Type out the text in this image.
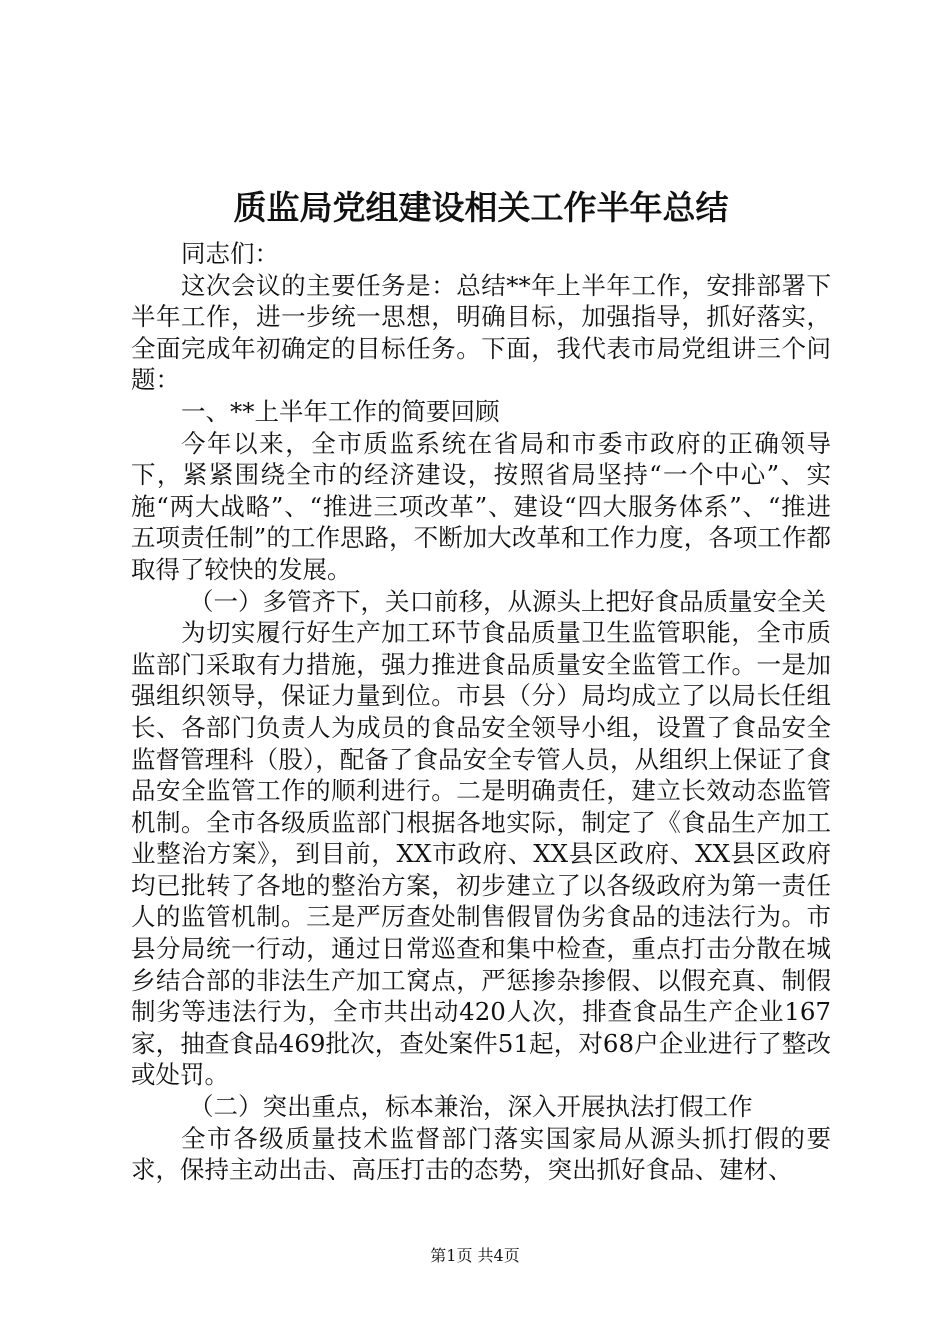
质监局党组建设相关工作半年总结

同志们：

这次会议的主要任务是：总结**年上半年工作，安排部署下半年工作，进一步统一思想，明确目标，加强指导，抓好落实，全面完成年初确定的目标任务。下面，我代表市局党组讲三个问题：

一、**上半年工作的简要回顾

今年以来，全市质监系统在省局和市委市政府的正确领导下，紧紧围绕全市的经济建设，按照省局坚持“一个中心”、实施“两大战略”、“推进三项改革”、建设“四大服务体系”、“推进五项责任制”的工作思路，不断加大改革和工作力度，各项工作都取得了较快的发展。

（一）多管齐下，关口前移，从源头上把好食品质量安全关

为切实履行好生产加工环节食品质量卫生监管职能，全市质监部门采取有力措施，强力推进食品质量安全监管工作。一是加强组织领导，保证力量到位。市县（分）局均成立了以局长任组长、各部门负责人为成员的食品安全领导小组，设置了食品安全监督管理科（股），配备了食品安全专管人员，从组织上保证了食品安全监管工作的顺利进行。二是明确责任，建立长效动态监管机制。全市各级质监部门根据各地实际，制定了《食品生产加工业整治方案》，到目前，XX市政府、XX县区政府、XX县区政府均已批转了各地的整治方案，初步建立了以各级政府为第一责任人的监管机制。三是严厉查处制售假冒伪劣食品的违法行为。市县分局统一行动，通过日常巡查和集中检查，重点打击分散在城乡结合部的非法生产加工窝点，严惩掺杂掺假、以假充真、制假制劣等违法行为，全市共出动420人次，排查食品生产企业167家，抽查食品469批次，查处案件51起，对68户企业进行了整改或处罚。

（二）突出重点，标本兼治，深入开展执法打假工作

全市各级质量技术监督部门落实国家局从源头抓打假的要求，保持主动出击、高压打击的态势，突出抓好食品、建材、

第1页 共4页
